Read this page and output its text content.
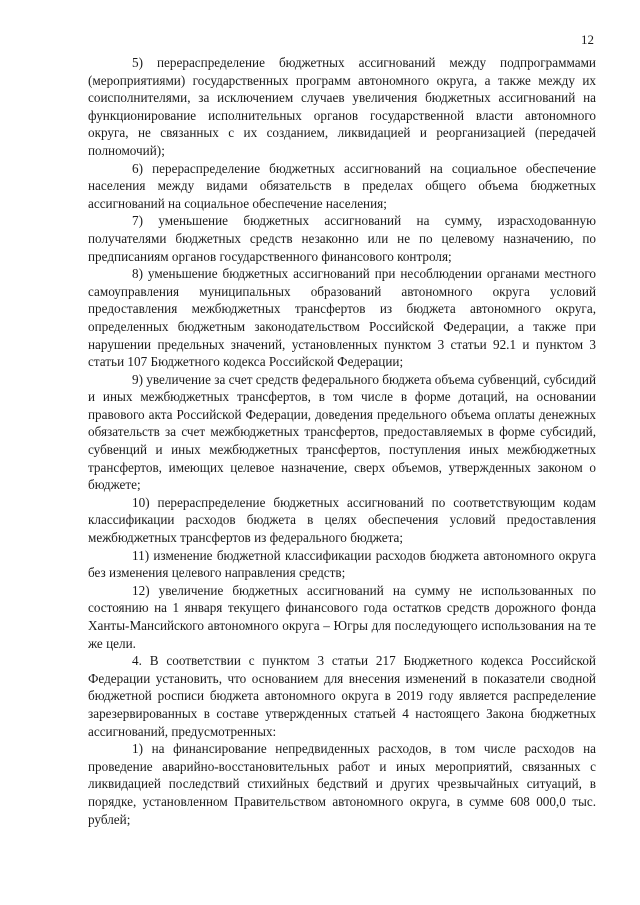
12

5) перераспределение бюджетных ассигнований между подпрограммами (мероприятиями) государственных программ автономного округа, а также между их соисполнителями, за исключением случаев увеличения бюджетных ассигнований на функционирование исполнительных органов государственной власти автономного округа, не связанных с их созданием, ликвидацией и реорганизацией (передачей полномочий);

6) перераспределение бюджетных ассигнований на социальное обеспечение населения между видами обязательств в пределах общего объема бюджетных ассигнований на социальное обеспечение населения;

7) уменьшение бюджетных ассигнований на сумму, израсходованную получателями бюджетных средств незаконно или не по целевому назначению, по предписаниям органов государственного финансового контроля;

8) уменьшение бюджетных ассигнований при несоблюдении органами местного самоуправления муниципальных образований автономного округа условий предоставления межбюджетных трансфертов из бюджета автономного округа, определенных бюджетным законодательством Российской Федерации, а также при нарушении предельных значений, установленных пунктом 3 статьи 92.1 и пунктом 3 статьи 107 Бюджетного кодекса Российской Федерации;

9) увеличение за счет средств федерального бюджета объема субвенций, субсидий и иных межбюджетных трансфертов, в том числе в форме дотаций, на основании правового акта Российской Федерации, доведения предельного объема оплаты денежных обязательств за счет межбюджетных трансфертов, предоставляемых в форме субсидий, субвенций и иных межбюджетных трансфертов, поступления иных межбюджетных трансфертов, имеющих целевое назначение, сверх объемов, утвержденных законом о бюджете;

10) перераспределение бюджетных ассигнований по соответствующим кодам классификации расходов бюджета в целях обеспечения условий предоставления межбюджетных трансфертов из федерального бюджета;

11) изменение бюджетной классификации расходов бюджета автономного округа без изменения целевого направления средств;

12) увеличение бюджетных ассигнований на сумму не использованных по состоянию на 1 января текущего финансового года остатков средств дорожного фонда Ханты-Мансийского автономного округа – Югры для последующего использования на те же цели.

4. В соответствии с пунктом 3 статьи 217 Бюджетного кодекса Российской Федерации установить, что основанием для внесения изменений в показатели сводной бюджетной росписи бюджета автономного округа в 2019 году является распределение зарезервированных в составе утвержденных статьей 4 настоящего Закона бюджетных ассигнований, предусмотренных:

1) на финансирование непредвиденных расходов, в том числе расходов на проведение аварийно-восстановительных работ и иных мероприятий, связанных с ликвидацией последствий стихийных бедствий и других чрезвычайных ситуаций, в порядке, установленном Правительством автономного округа, в сумме 608 000,0 тыс. рублей;
